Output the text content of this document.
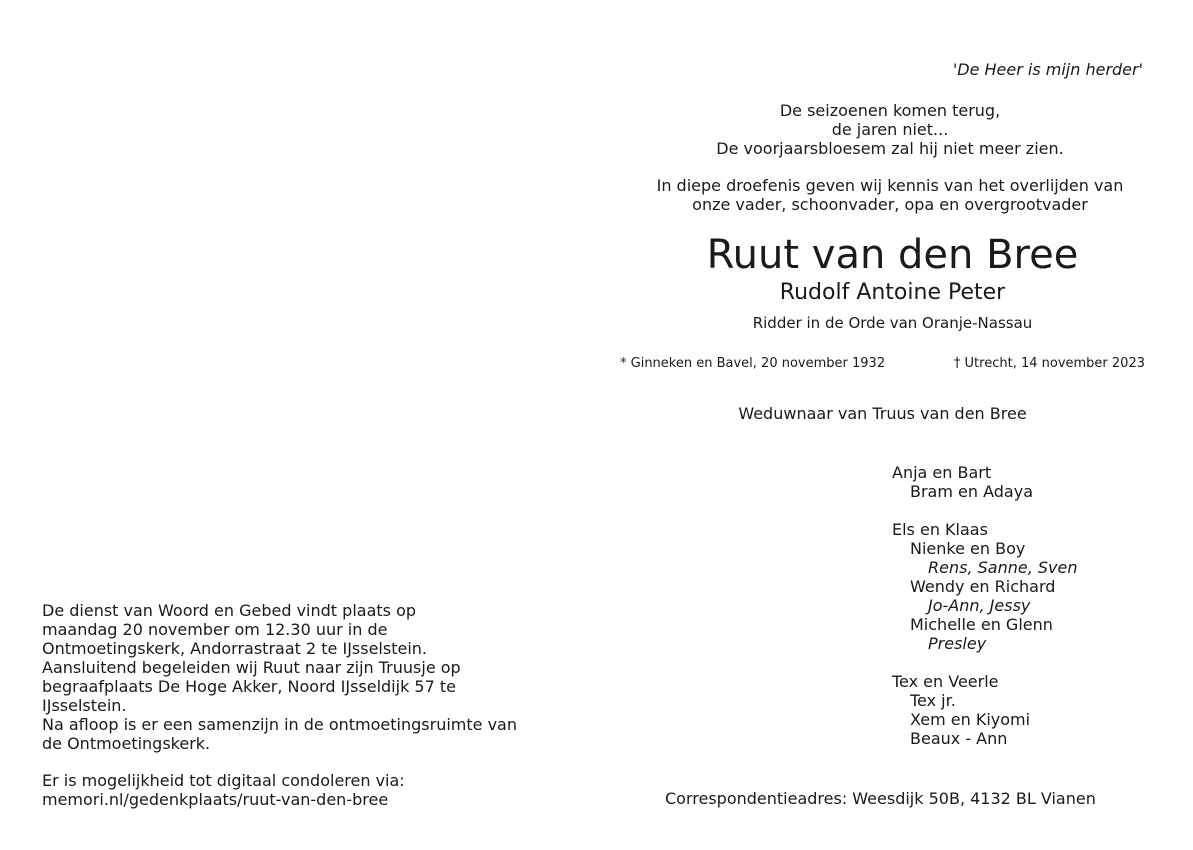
'De Heer is mijn herder'
De seizoenen komen terug,
de jaren niet...
De voorjaarsbloesem zal hij niet meer zien.
In diepe droefenis geven wij kennis van het overlijden van
onze vader, schoonvader, opa en overgrootvader
Ruut van den Bree
Rudolf Antoine Peter
Ridder in de Orde van Oranje-Nassau
* Ginneken en Bavel, 20 november 1932	† Utrecht, 14 november 2023
Weduwnaar van Truus van den Bree
Anja en Bart
Bram en Adaya
Els en Klaas
Nienke en Boy
Rens, Sanne, Sven
Wendy en Richard
Jo-Ann, Jessy
Michelle en Glenn
Presley
Tex en Veerle
Tex jr.
Xem en Kiyomi
Beaux - Ann
De dienst van Woord en Gebed vindt plaats op
maandag 20 november om 12.30 uur in de
Ontmoetingskerk, Andorrastraat 2 te IJsselstein.
Aansluitend begeleiden wij Ruut naar zijn Truusje op
begraafplaats De Hoge Akker, Noord IJsseldijk 57 te
IJsselstein.
Na afloop is er een samenzijn in de ontmoetingsruimte van
de Ontmoetingskerk.
Er is mogelijkheid tot digitaal condoleren via:
memori.nl/gedenkplaats/ruut-van-den-bree	Correspondentieadres: Weesdijk 50B, 4132 BL Vianen
